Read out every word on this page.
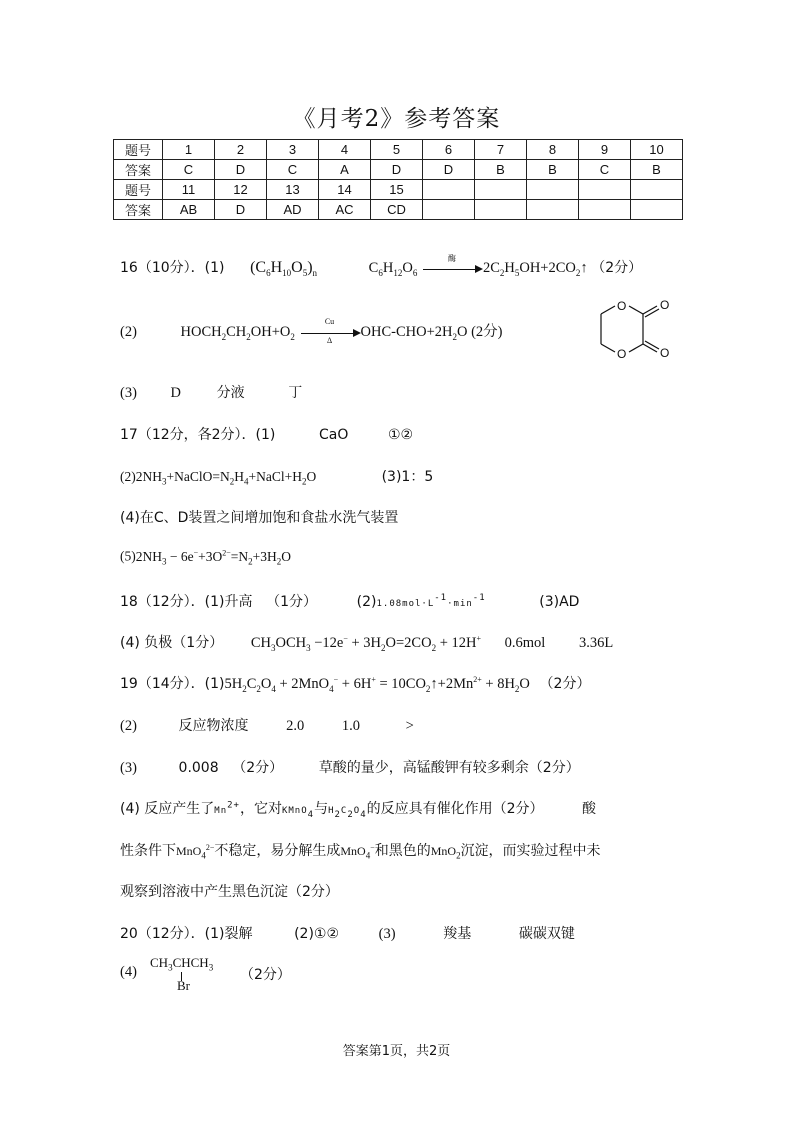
《月考2》参考答案
题号	1	2	3	4	5	6	7	8	9	10
答案	C	D	C	A	D	D	B	B	C	B
题号	11	12	13	14	15					
答案	AB	D	AD	AC	CD					
16（10分）．(1) $(C_6H_{10}O_5)_n$	$C_6H_{12}O_6$
酶
$2C_2H_5OH+2CO_2↑$ （2分）
(2)	$HOCH_2CH_2OH+O_2 \frac{Cu}{\Delta} OHC-CHO+2H_2O$ (2分)
O
O
O
O
(3) D	分液	丁
17（12分，各2分）．(1)	CaO	①②
$(2)2NH_3+NaClO=N_2H_4+NaCl+H_2O$	(3)1：5
(4)在C、D装置之间增加饱和食盐水洗气装置
$(5)2NH_3 - 6e^-+3O^{2-}=N_2+3H_2O$
18（12分）．(1)升高 （1分）	$(2)1.08mol\cdot L^{-1}\cdot\min^{-1}$	(3)AD
(4) 负极（1分） $CH_3OCH_3 -12e^- + 3H_2O=2CO_2 + 12H^+$ 0.6mol 3.36L
19（14分）．$(1)5H_2C_2O_4 + 2MnO_4^- + 6H^+$ = $10CO_2↑+2Mn^{2+} + 8H_2O$ （2分）
(2)	反应物浓度	2.0	1.0	>
(3)	0.008 （2分）	草酸的量少，高锰酸钾有较多剩余（2分）
(4) 反应产生了$Mn^{2+}$，它对KMnO$_4$与$H_2C_2O_4$的反应具有催化作用（2分）	酸
性条件下MnO$_4^{2-}$不稳定，易分解生成MnO$_4$−和黑色的MnO$_2$沉淀，而实验过程中未
观察到溶液中产生黑色沉淀（2分）
20（12分）．(1)裂解	(2)①②	(3)	羧基	碳碳双键
(4)
$CH_3CHCH_3$
Br
（2分）
答案第1页，共2页
